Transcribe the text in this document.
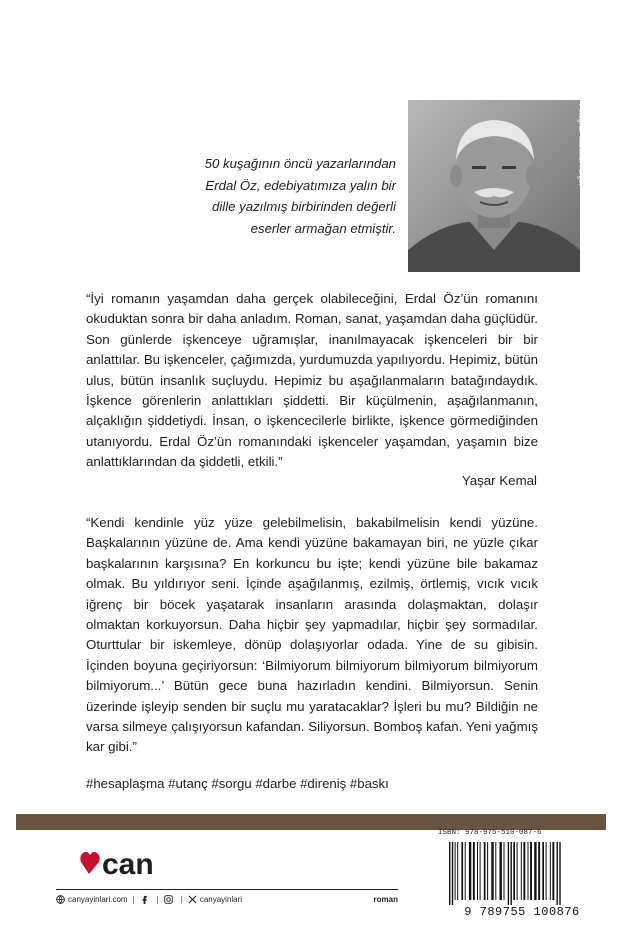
Fotoğraf: Mahmut Turgut
50 kuşağının öncü yazarlarından Erdal Öz, edebiyatımıza yalın bir dille yazılmış birbirinden değerli eserler armağan etmiştir.
“İyi romanın yaşamdan daha gerçek olabileceğini, Erdal Öz’ün romanını okuduktan sonra bir daha anladım. Roman, sanat, yaşamdan daha güçlüdür. Son günlerde işkenceye uğramışlar, inanılmayacak işkenceleri bir bir anlattılar. Bu işkenceler, çağımızda, yurdumuzda yapılıyordu. Hepimiz, bütün ulus, bütün insanlık suçluydu. Hepimiz bu aşağılanmaların batağındaydık. İşkence görenlerin anlattıkları şiddetti. Bir küçülmenin, aşağılanmanın, alçaklığın şiddetiydi. İnsan, o işkencecilerle birlikte, işkence görmediğinden utanıyordu. Erdal Öz’ün romanındaki işkenceler yaşamdan, yaşamın bize anlattıklarından da şiddetli, etkili.”
Yaşar Kemal
“Kendi kendinle yüz yüze gelebilmelisin, bakabilmelisin kendi yüzüne. Başkalarının yüzüne de. Ama kendi yüzüne bakamayan biri, ne yüzle çıkar başkalarının karşısına? En korkuncu bu işte; kendi yüzüne bile bakamaz olmak. Bu yıldırıyor seni. İçinde aşağılanmış, ezilmiş, örtlemiş, vıcık vıcık iğrenç bir böcek yaşatarak insanların arasında dolaşmaktan, dolaşır olmaktan korkuyorsun. Daha hiçbir şey yapmadılar, hiçbir şey sormadılar. Oturttular bir iskemleye, dönüp dolaşıyorlar odada. Yine de su gibisin. İçinden boyuna geçiriyorsun: ‘Bilmiyorum bilmiyorum bilmiyorum bilmiyorum bilmiyorum...’ Bütün gece buna hazırladın kendini. Bilmiyorsun. Senin üzerinde işleyip senden bir suçlu mu yaratacaklar? İşleri bu mu? Bildiğin ne varsa silmeye çalışıyorsun kafandan. Siliyorsun. Bomboş kafan. Yeni yağmış kar gibi.”
#hesaplaşma #utanç #sorgu #darbe #direniş #baskı
can
canyayinlari.com |	|	| canyayinlari	roman
ISBN: 978-975-510-087-6
9 789755 100876
